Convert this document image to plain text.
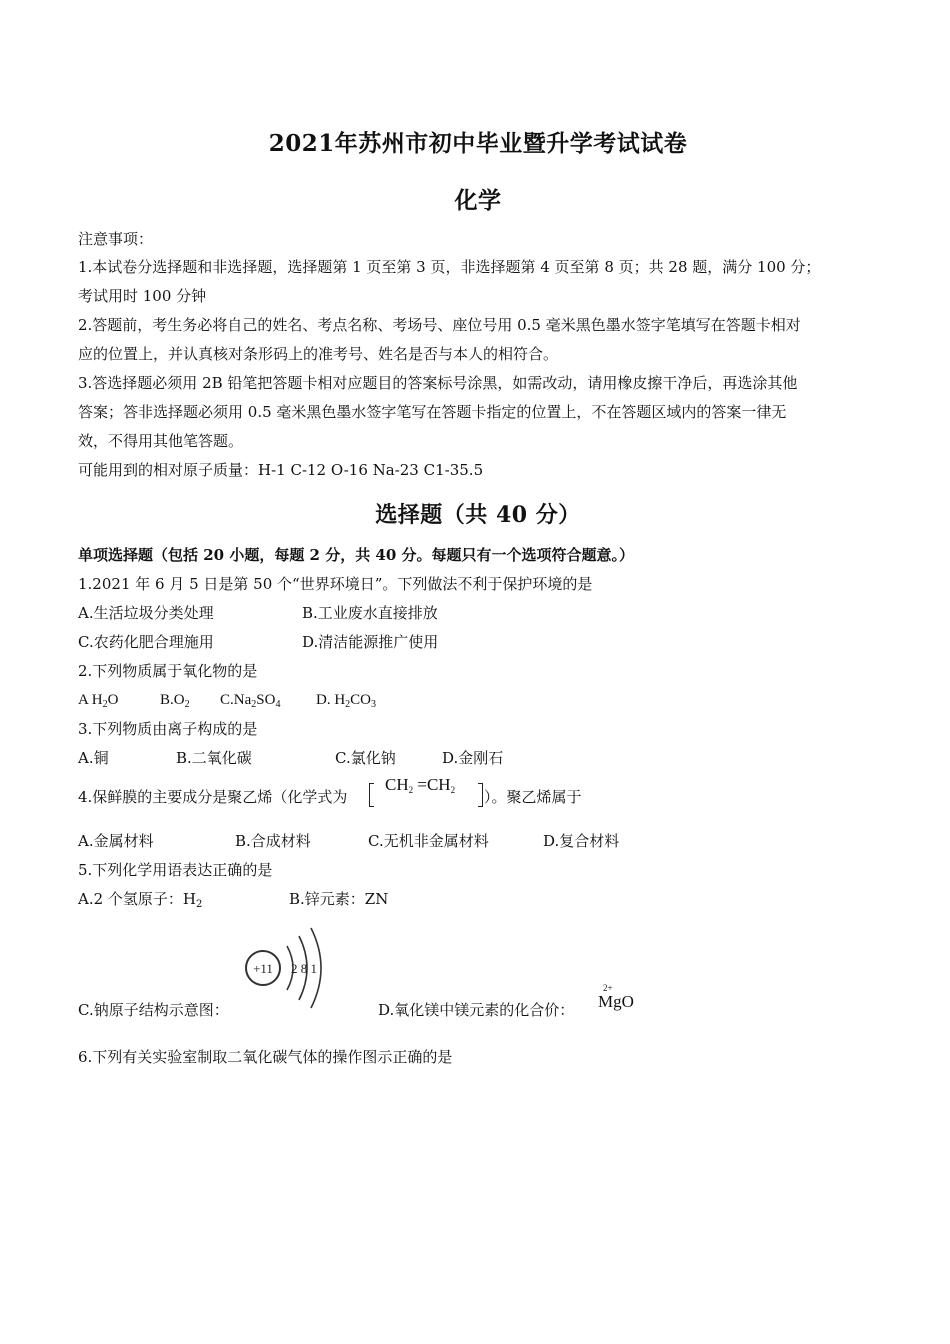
2021年苏州市初中毕业暨升学考试试卷
化学
注意事项：
1.本试卷分选择题和非选择题，选择题第 1 页至第 3 页，非选择题第 4 页至第 8 页；共 28 题，满分 100 分；
考试用时 100 分钟
2.答题前，考生务必将自己的姓名、考点名称、考场号、座位号用 0.5 毫米黑色墨水签字笔填写在答题卡相对
应的位置上，并认真核对条形码上的准考号、姓名是否与本人的相符合。
3.答选择题必须用 2B 铅笔把答题卡相对应题目的答案标号涂黑，如需改动，请用橡皮擦干净后，再选涂其他
答案；答非选择题必须用 0.5 毫米黑色墨水签字笔写在答题卡指定的位置上，不在答题区域内的答案一律无
效，不得用其他笔答题。
可能用到的相对原子质量：H-1 C-12 O-16 Na-23 C1-35.5
选择题（共 40 分）
单项选择题（包括 20 小题，每题 2 分，共 40 分。每题只有一个选项符合题意。）
1.2021 年 6 月 5 日是第 50 个“世界环境日”。下列做法不利于保护环境的是
A.生活垃圾分类处理	B.工业废水直接排放
C.农药化肥合理施用	D.清洁能源推广使用
2.下列物质属于氧化物的是
A $H_2O$	$B.O_2$ $C.Na_2SO_4$ D. $H_2CO_3$
3.下列物质由离子构成的是
A.铜	B.二氧化碳	C.氯化钠	D.金刚石
4.保鲜膜的主要成分是聚乙烯（化学式为
CH2 =CH2 ）。聚乙烯属于
A.金属材料	B.合成材料	C.无机非金属材料	D.复合材料
5.下列化学用语表达正确的是
A.2 个氢原子：$H_2$	B.锌元素：ZN
+11 2 8 1
C.钠原子结构示意图：	D.氧化镁中镁元素的化合价：
2+
MgO
6.下列有关实验室制取二氧化碳气体的操作图示正确的是
